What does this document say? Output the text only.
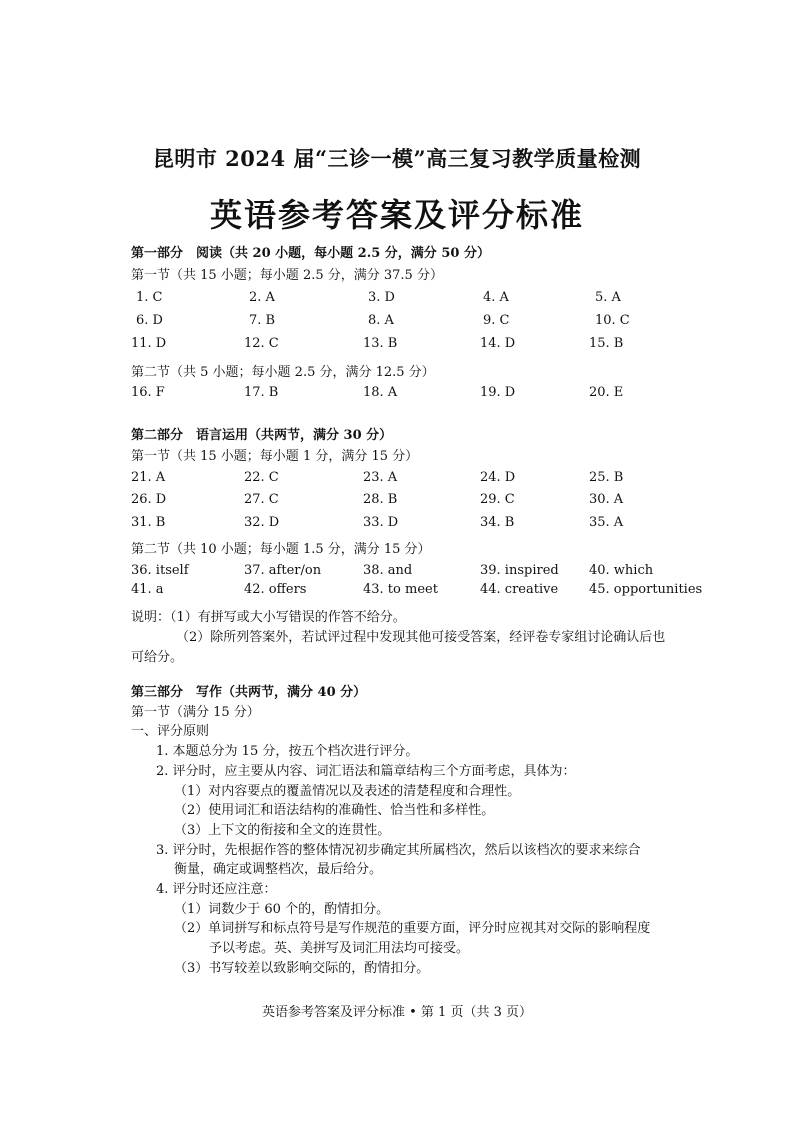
昆明市 2024 届“三诊一模”高三复习教学质量检测
英语参考答案及评分标准
第一部分　阅读（共 20 小题，每小题 2.5 分，满分 50 分）
第一节（共 15 小题；每小题 2.5 分，满分 37.5 分）
1. C	2. A	3. D	4. A	5. A
6. D	7. B	8. A	9. C	10. C
11. D	12. C	13. B	14. D	15. B
第二节（共 5 小题；每小题 2.5 分，满分 12.5 分）
16. F	17. B	18. A	19. D	20. E
第二部分　语言运用（共两节，满分 30 分）
第一节（共 15 小题；每小题 1 分，满分 15 分）
21. A	22. C	23. A	24. D	25. B
26. D	27. C	28. B	29. C	30. A
31. B	32. D	33. D	34. B	35. A
第二节（共 10 小题；每小题 1.5 分，满分 15 分）
36. itself	37. after/on	38. and	39. inspired 40. which
41. a	42. offers	43. to meet	44. creative 45. opportunities
说明：（1）有拼写或大小写错误的作答不给分。
（2）除所列答案外，若试评过程中发现其他可接受答案，经评卷专家组讨论确认后也
可给分。
第三部分　写作（共两节，满分 40 分）
第一节（满分 15 分）
一、评分原则
1. 本题总分为 15 分，按五个档次进行评分。
2. 评分时，应主要从内容、词汇语法和篇章结构三个方面考虑，具体为：
（1）对内容要点的覆盖情况以及表述的清楚程度和合理性。
（2）使用词汇和语法结构的准确性、恰当性和多样性。
（3）上下文的衔接和全文的连贯性。
3. 评分时，先根据作答的整体情况初步确定其所属档次，然后以该档次的要求来综合
衡量，确定或调整档次，最后给分。
4. 评分时还应注意：
（1）词数少于 60 个的，酌情扣分。
（2）单词拼写和标点符号是写作规范的重要方面，评分时应视其对交际的影响程度
予以考虑。英、美拼写及词汇用法均可接受。
（3）书写较差以致影响交际的，酌情扣分。
英语参考答案及评分标准 • 第 1 页（共 3 页）
